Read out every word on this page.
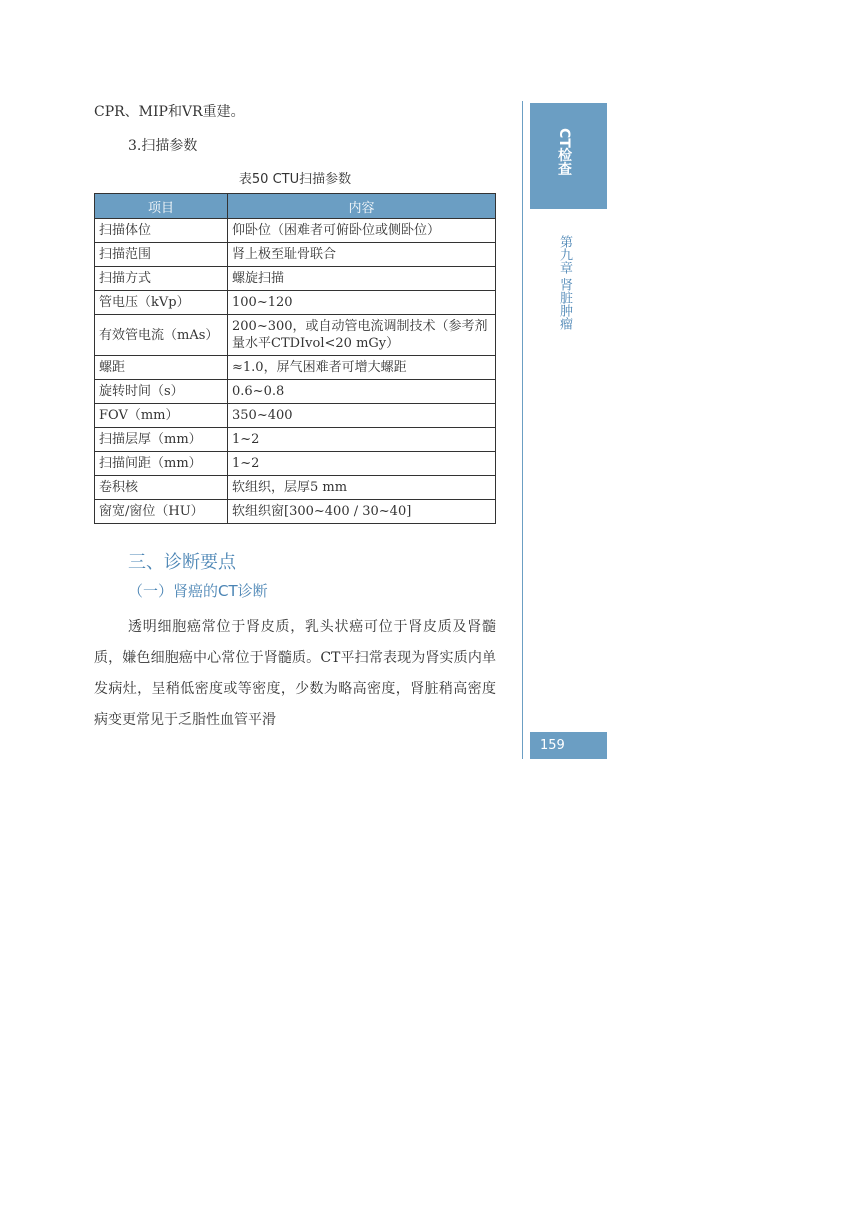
CPR、MIP和VR重建。
3.扫描参数
表50 CTU扫描参数
项目	内容
扫描体位	仰卧位（困难者可俯卧位或侧卧位）
扫描范围	肾上极至耻骨联合
扫描方式	螺旋扫描
管电压（kVp）	100~120
有效管电流（mAs）	200~300，或自动管电流调制技术（参考剂量水平CTDIvol<20 mGy）
螺距	≈1.0，屏气困难者可增大螺距
旋转时间（s）	0.6~0.8
FOV（mm）	350~400
扫描层厚（mm）	1~2
扫描间距（mm）	1~2
卷积核	软组织，层厚5 mm
窗宽/窗位（HU）	软组织窗[300~400 / 30~40]
三、诊断要点
（一）肾癌的CT诊断

透明细胞癌常位于肾皮质，乳头状癌可位于肾皮质及肾髓质，嫌色细胞癌中心常位于肾髓质。CT平扫常表现为肾实质内单发病灶，呈稍低密度或等密度，少数为略高密度，肾脏稍高密度病变更常见于乏脂性血管平滑

CT检查
第九章 肾脏肿瘤
159
